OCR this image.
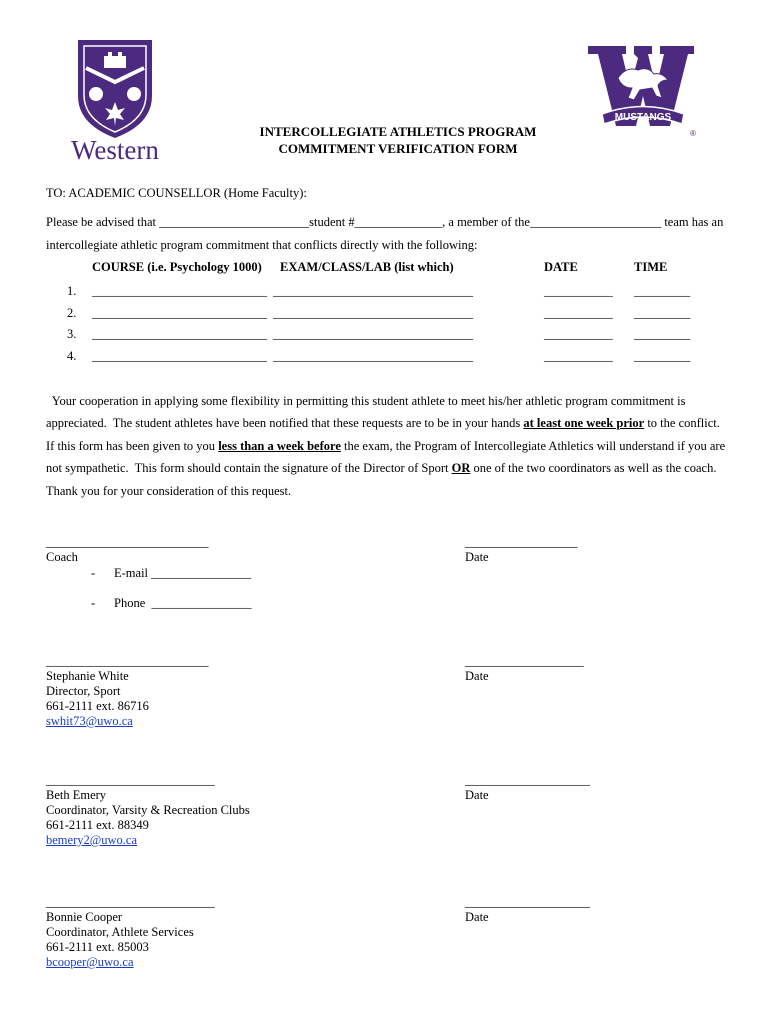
Western
MUSTANGS
®
INTERCOLLEGIATE ATHLETICS PROGRAM
COMMITMENT VERIFICATION FORM
TO: ACADEMIC COUNSELLOR (Home Faculty):
Please be advised that ________________________student #______________, a member of the_____________________ team has an
intercollegiate athletic program commitment that conflicts directly with the following:
COURSE (i.e. Psychology 1000) EXAM/CLASS/LAB (list which)	DATE	TIME
1. ____________________________ ________________________________	___________ _________
2. ____________________________ ________________________________	___________ _________
3. ____________________________ ________________________________	___________ _________
4. ____________________________ ________________________________	___________ _________
Your cooperation in applying some flexibility in permitting this student athlete to meet his/her athletic program commitment is
appreciated.  The student athletes have been notified that these requests are to be in your hands at least one week prior to the conflict.
If this form has been given to you less than a week before the exam, the Program of Intercollegiate Athletics will understand if you are
not sympathetic.  This form should contain the signature of the Director of Sport OR one of the two coordinators as well as the coach.
Thank you for your consideration of this request.
__________________________
Coach
__________________
Date
- E-mail ________________
- Phone  ________________
__________________________
Stephanie White
Director, Sport
661-2111 ext. 86716
swhit73@uwo.ca
___________________
Date
___________________________
Beth Emery
Coordinator, Varsity & Recreation Clubs
661-2111 ext. 88349
bemery2@uwo.ca
____________________
Date
___________________________
Bonnie Cooper
Coordinator, Athlete Services
661-2111 ext. 85003
bcooper@uwo.ca
____________________
Date
